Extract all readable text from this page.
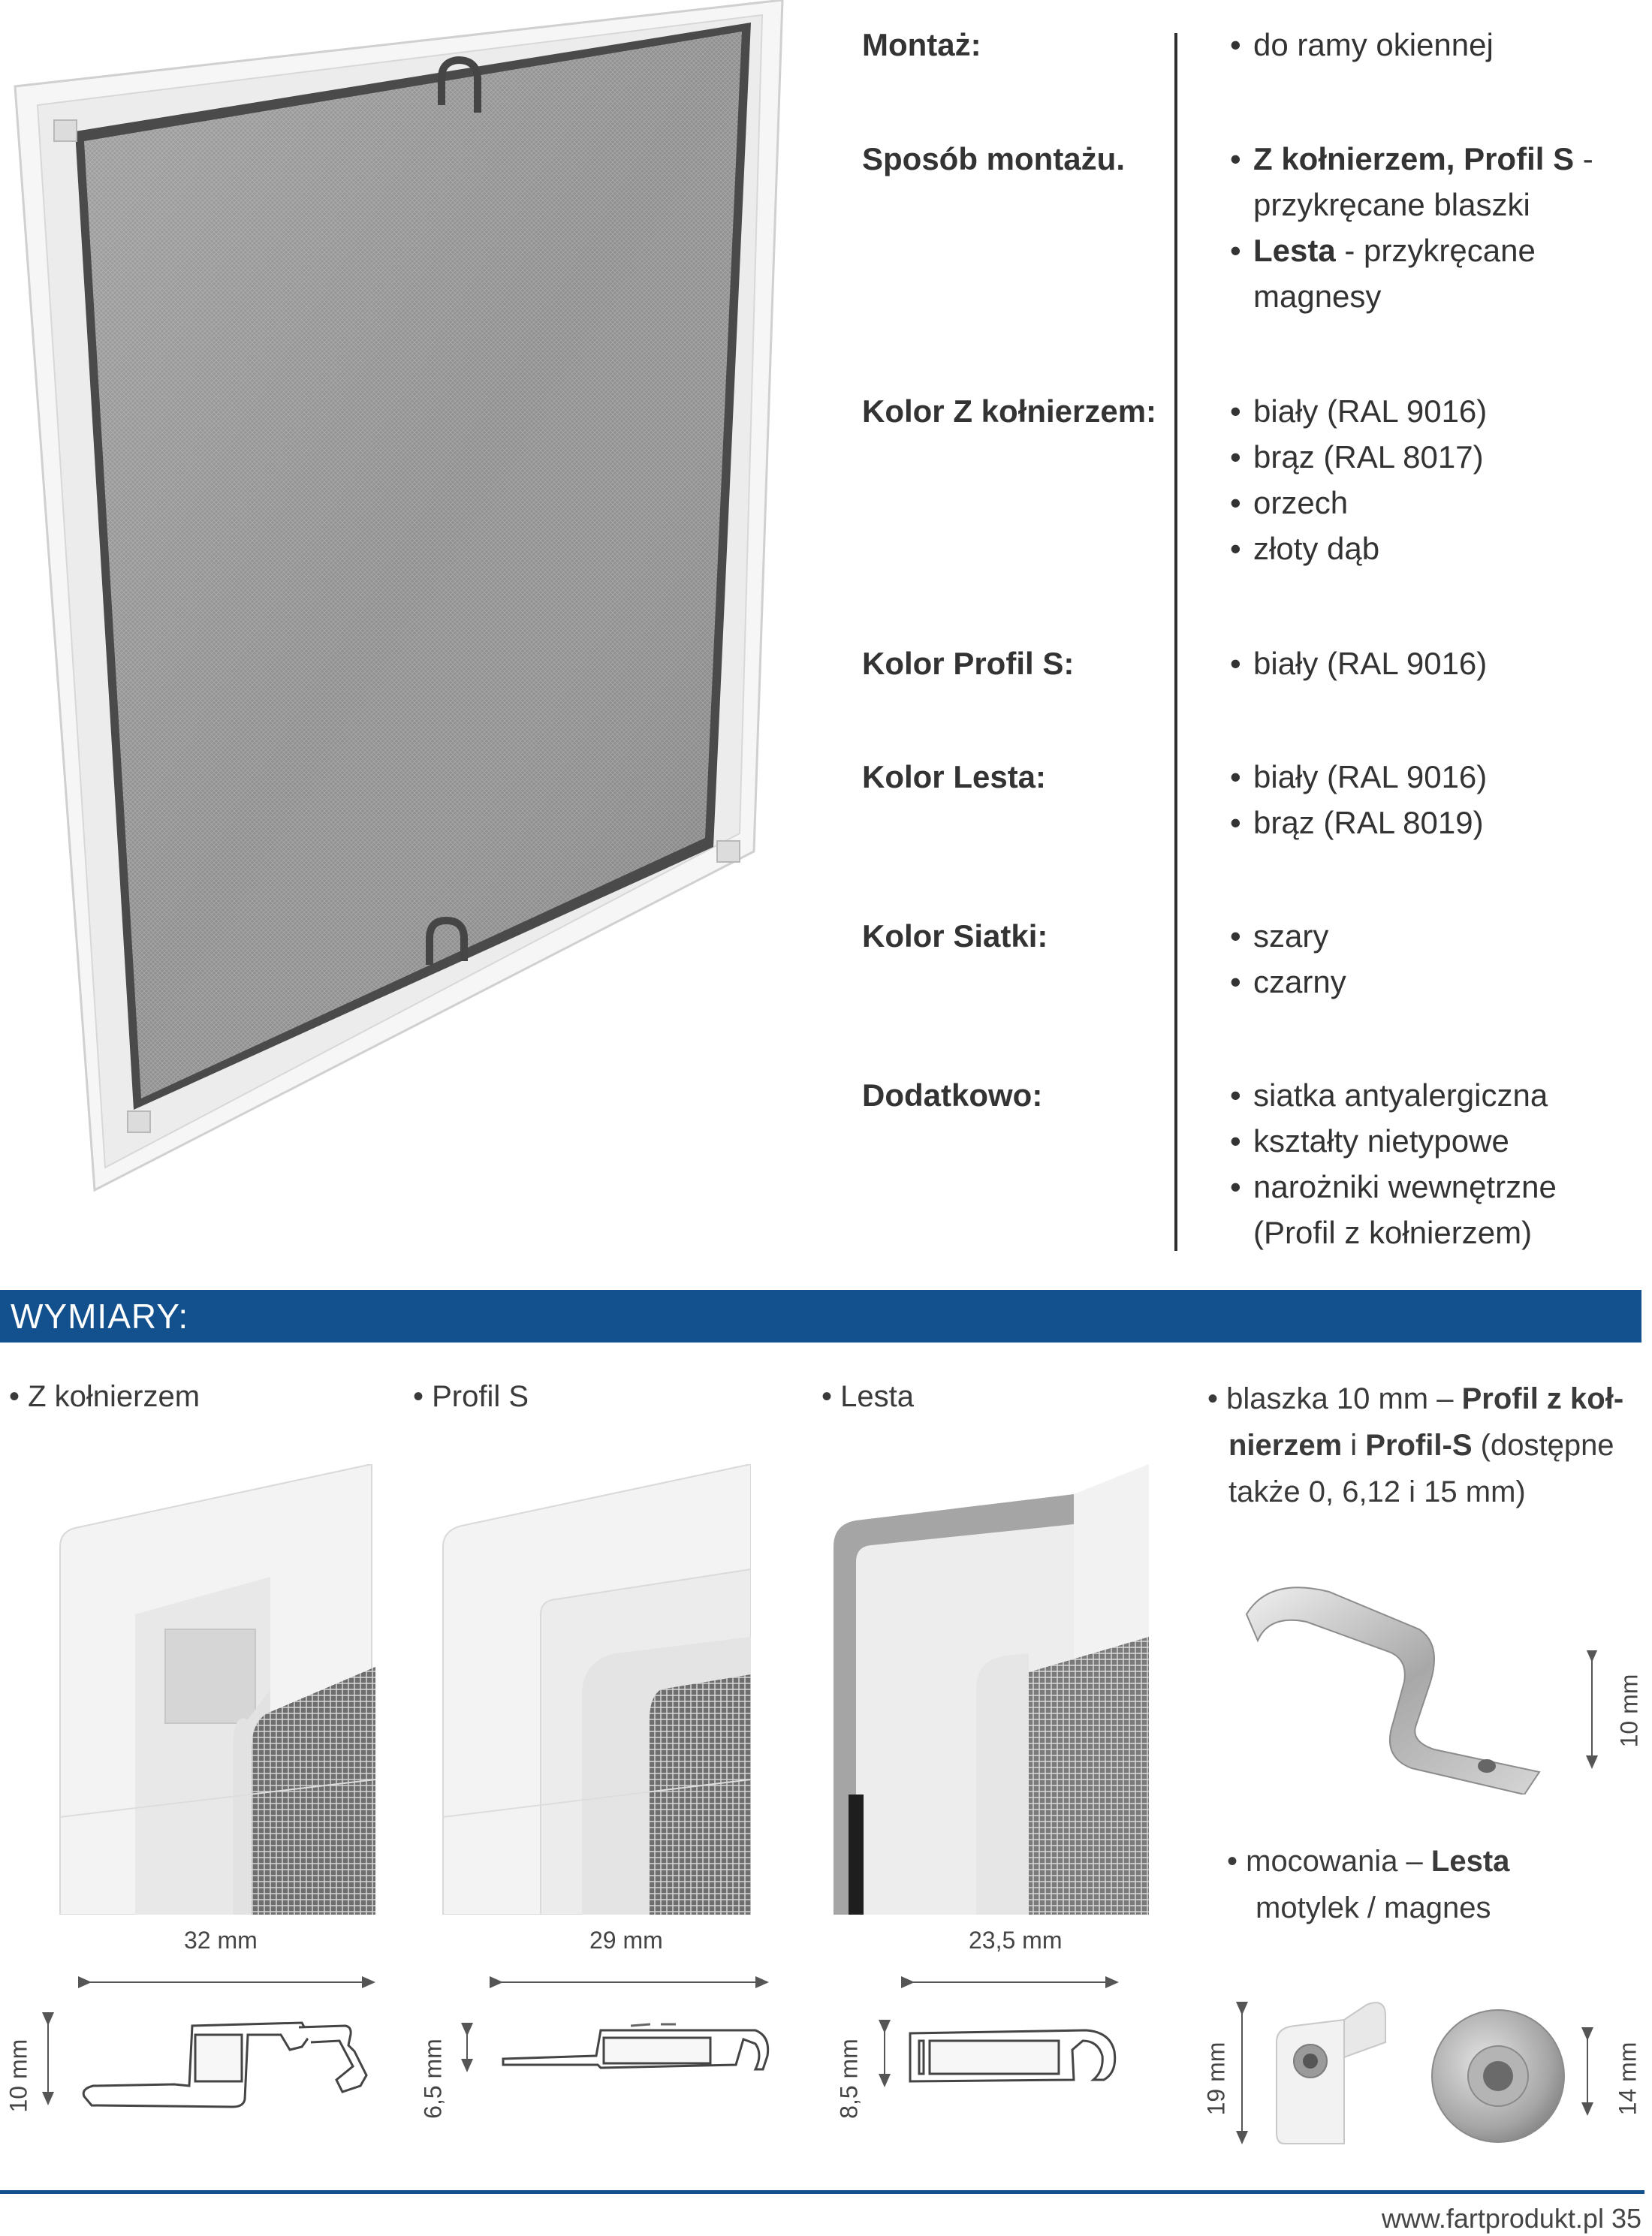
Montaż:	•do ramy okiennej
Sposób montażu.	•Z kołnierzem, Profil S -
przykręcane blaszki
•Lesta - przykręcane
magnesy
Kolor Z kołnierzem: •biały (RAL 9016)
•brąz (RAL 8017)
•orzech
•złoty dąb
Kolor Profil S:	•biały (RAL 9016)
Kolor Lesta:	•biały (RAL 9016)
•brąz (RAL 8019)
Kolor Siatki:	•szary
•czarny
Dodatkowo:	•siatka antyalergiczna
•kształty nietypowe
•narożniki wewnętrzne
(Profil z kołnierzem)
WYMIARY:
• Z kołnierzem	• Profil S	• Lesta	• blaszka 10 mm – Profil z koł-
nierzem i Profil-S (dostępne
także 0, 6,12 i 15 mm)
• mocowania – Lesta
motylek / magnes
32 mm	29 mm	23,5 mm
10 mm	6,5 mm	8,5 mm
10 mm
19 mm	14 mm
www.fartprodukt.pl 35
